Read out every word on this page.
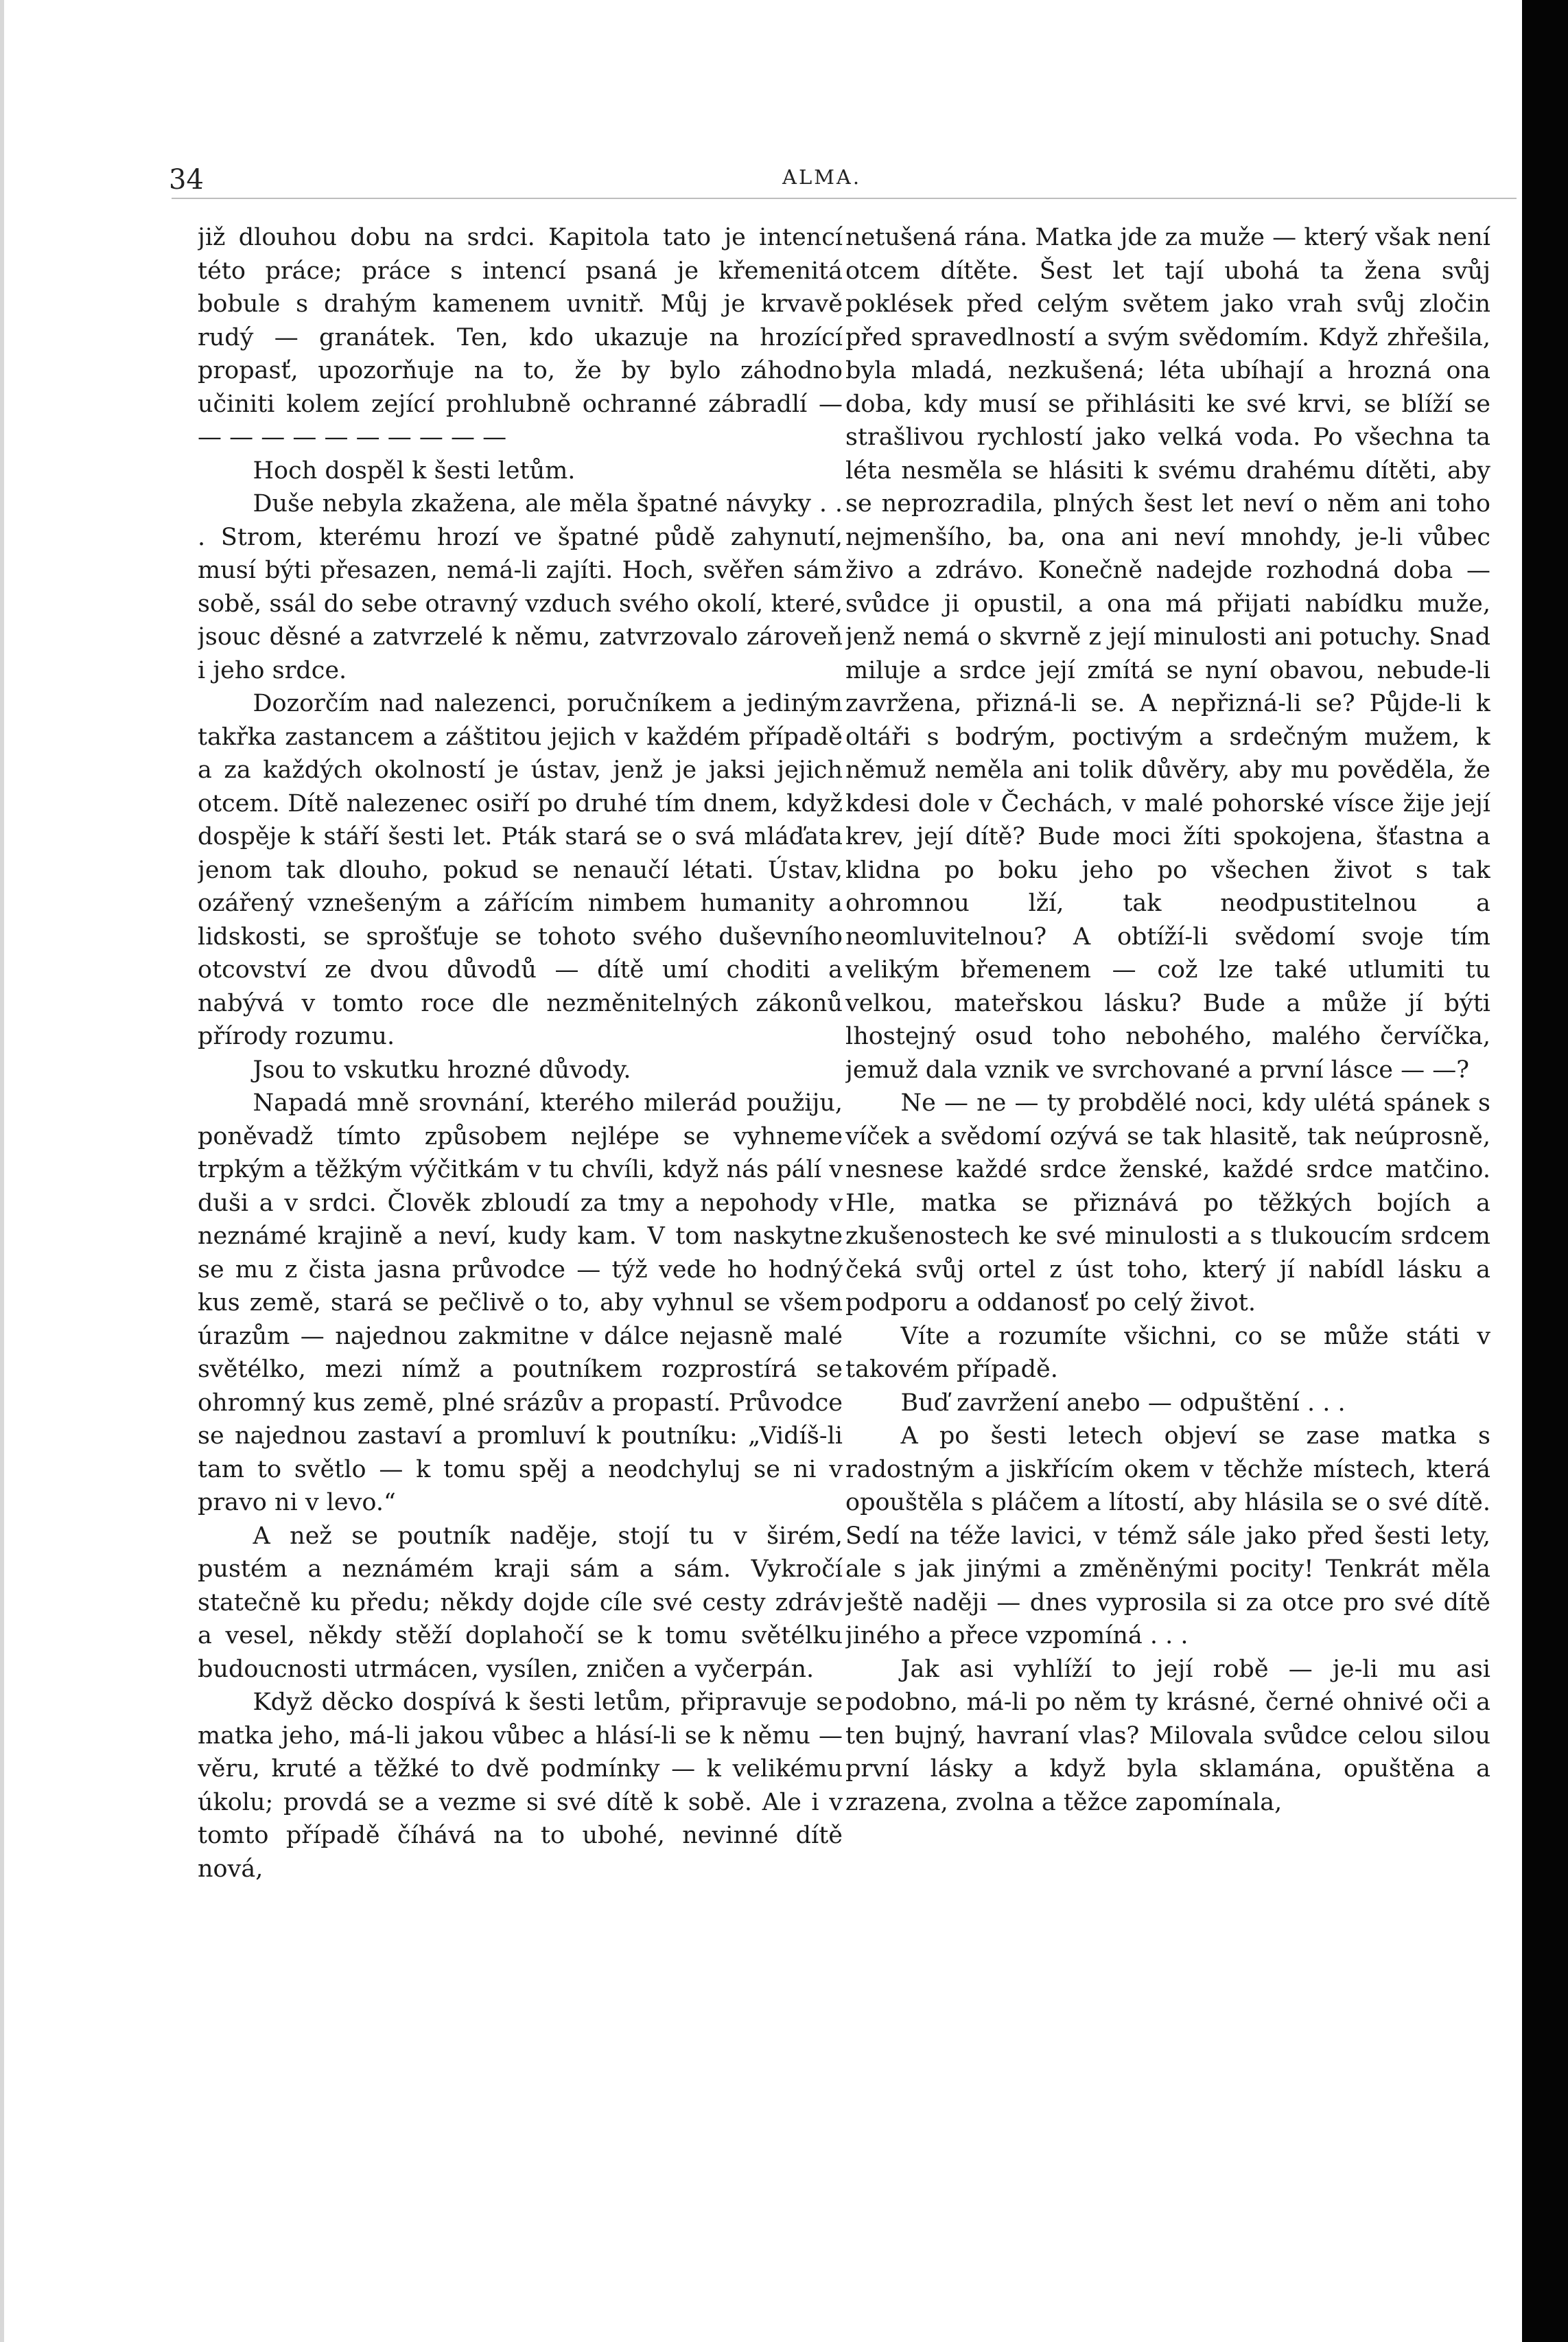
34	ALMA.

již dlouhou dobu na srdci. Kapitola tato je intencí této práce; práce s intencí psaná je křemenitá bobule s drahým kamenem uvnitř. Můj je krvavě rudý — granátek. Ten, kdo ukazuje na hrozící propasť, upozorňuje na to, že by bylo záhodno učiniti kolem zející prohlubně ochranné zábradlí — — — — — — — — — — —

Hoch dospěl k šesti letům.

Duše nebyla zkažena, ale měla špatné návyky . . . Strom, kterému hrozí ve špatné půdě zahynutí, musí býti přesazen, nemá-li zajíti. Hoch, svěřen sám sobě, ssál do sebe otravný vzduch svého okolí, které, jsouc děsné a zatvrzelé k němu, zatvrzovalo zároveň i jeho srdce.

Dozorčím nad nalezenci, poručníkem a jediným takřka zastancem a záštitou jejich v každém případě a za každých okolností je ústav, jenž je jaksi jejich otcem. Dítě nalezenec osiří po druhé tím dnem, když dospěje k stáří šesti let. Pták stará se o svá mláďata jenom tak dlouho, pokud se nenaučí létati. Ústav, ozářený vznešeným a zářícím nimbem humanity a lidskosti, se sprošťuje se tohoto svého duševního otcovství ze dvou důvodů — dítě umí choditi a nabývá v tomto roce dle nezměnitelných zákonů přírody rozumu.

Jsou to vskutku hrozné důvody.

Napadá mně srovnání, kterého milerád použiju, poněvadž tímto způsobem nejlépe se vyhneme trpkým a těžkým výčitkám v tu chvíli, když nás pálí v duši a v srdci. Člověk zbloudí za tmy a nepohody v neznámé krajině a neví, kudy kam. V tom naskytne se mu z čista jasna průvodce — týž vede ho hodný kus země, stará se pečlivě o to, aby vyhnul se všem úrazům — najednou zakmitne v dálce nejasně malé světélko, mezi nímž a poutníkem rozprostírá se ohromný kus země, plné srázův a propastí. Průvodce se najednou zastaví a promluví k poutníku: „Vidíš-li tam to světlo — k tomu spěj a neodchyluj se ni v pravo ni v levo.“

A než se poutník naděje, stojí tu v širém, pustém a neznámém kraji sám a sám. Vykročí statečně ku předu; někdy dojde cíle své cesty zdráv a vesel, někdy stěží doplahočí se k tomu světélku budoucnosti utrmácen, vysílen, zničen a vyčerpán.

Když děcko dospívá k šesti letům, připravuje se matka jeho, má-li jakou vůbec a hlásí-li se k němu — věru, kruté a těžké to dvě podmínky — k velikému úkolu; provdá se a vezme si své dítě k sobě. Ale i v tomto případě číhává na to ubohé, nevinné dítě nová,

netušená rána. Matka jde za muže — který však není otcem dítěte. Šest let tají ubohá ta žena svůj poklések před celým světem jako vrah svůj zločin před spravedlností a svým svědomím. Když zhřešila, byla mladá, nezkušená; léta ubíhají a hrozná ona doba, kdy musí se přihlásiti ke své krvi, se blíží se strašlivou rychlostí jako velká voda. Po všechna ta léta nesměla se hlásiti k svému drahému dítěti, aby se neprozradila, plných šest let neví o něm ani toho nejmenšího, ba, ona ani neví mnohdy, je-li vůbec živo a zdrávo. Konečně nadejde rozhodná doba — svůdce ji opustil, a ona má přijati nabídku muže, jenž nemá o skvrně z její minulosti ani potuchy. Snad miluje a srdce její zmítá se nyní obavou, nebude-li zavržena, přizná-li se. A nepřizná-li se? Půjde-li k oltáři s bodrým, poctivým a srdečným mužem, k němuž neměla ani tolik důvěry, aby mu pověděla, že kdesi dole v Čechách, v malé pohorské vísce žije její krev, její dítě? Bude moci žíti spokojena, šťastna a klidna po boku jeho po všechen život s tak ohromnou lží, tak neodpustitelnou a neomluvitelnou? A obtíží-li svědomí svoje tím velikým břemenem — což lze také utlumiti tu velkou, mateřskou lásku? Bude a může jí býti lhostejný osud toho nebohého, malého červíčka, jemuž dala vznik ve svrchované a první lásce — —?

Ne — ne — ty probdělé noci, kdy ulétá spánek s víček a svědomí ozývá se tak hlasitě, tak neúprosně, nesnese každé srdce ženské, každé srdce matčino. Hle, matka se přiznává po těžkých bojích a zkušenostech ke své minulosti a s tlukoucím srdcem čeká svůj ortel z úst toho, který jí nabídl lásku a podporu a oddanosť po celý život.

Víte a rozumíte všichni, co se může státi v takovém případě.

Buď zavržení anebo — odpuštění . . .

A po šesti letech objeví se zase matka s radostným a jiskřícím okem v těchže místech, která opouštěla s pláčem a lítostí, aby hlásila se o své dítě. Sedí na téže lavici, v témž sále jako před šesti lety, ale s jak jinými a změněnými pocity! Tenkrát měla ještě naději — dnes vyprosila si za otce pro své dítě jiného a přece vzpomíná . . .

Jak asi vyhlíží to její robě — je-li mu asi podobno, má-li po něm ty krásné, černé ohnivé oči a ten bujný, havraní vlas? Milovala svůdce celou silou první lásky a když byla sklamána, opuštěna a zrazena, zvolna a těžce zapomínala,
